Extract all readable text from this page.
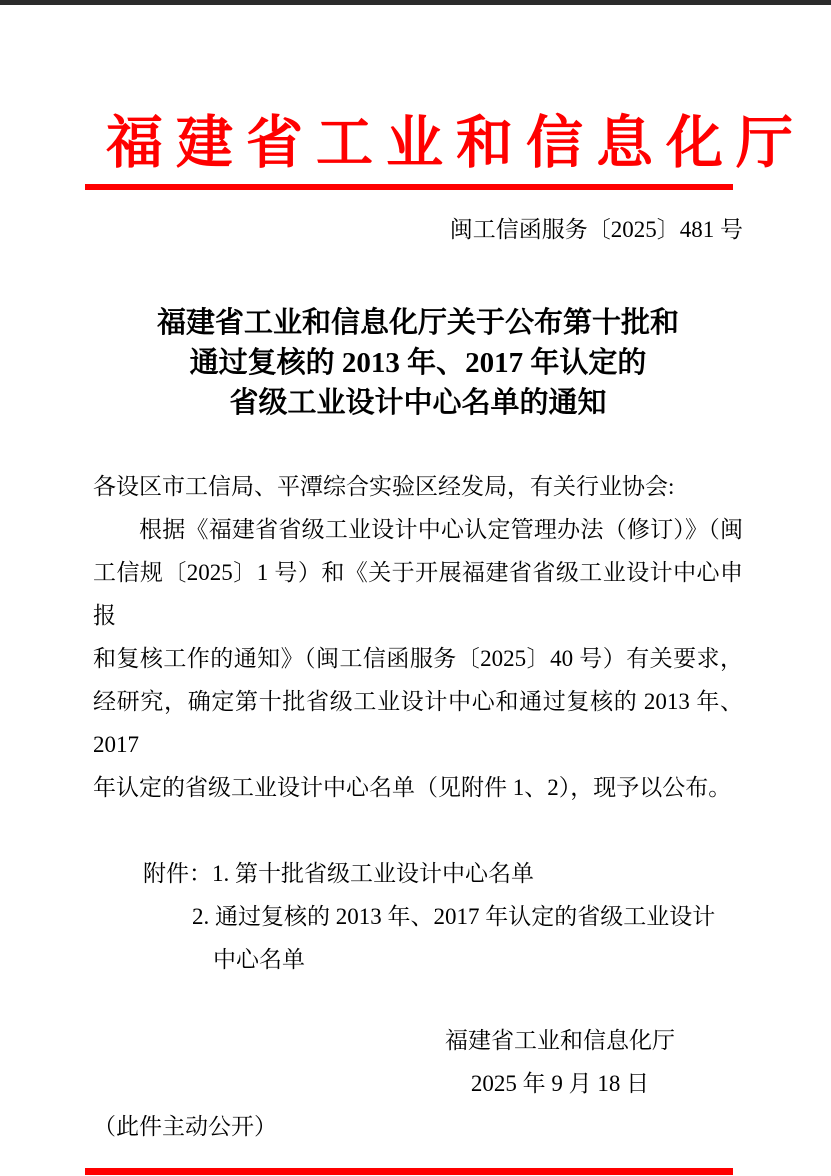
福建省工业和信息化厅
闽工信函服务〔2025〕481 号
福建省工业和信息化厅关于公布第十批和
通过复核的 2013 年、2017 年认定的
省级工业设计中心名单的通知
各设区市工信局、平潭综合实验区经发局，有关行业协会:
根据《福建省省级工业设计中心认定管理办法（修订）》（闽
工信规〔2025〕1 号）和《关于开展福建省省级工业设计中心申报
和复核工作的通知》（闽工信函服务〔2025〕40 号）有关要求，
经研究，确定第十批省级工业设计中心和通过复核的 2013 年、2017
年认定的省级工业设计中心名单（见附件 1、2），现予以公布。
附件：1. 第十批省级工业设计中心名单
2. 通过复核的 2013 年、2017 年认定的省级工业设计
中心名单
福建省工业和信息化厅
2025 年 9 月 18 日
（此件主动公开）
